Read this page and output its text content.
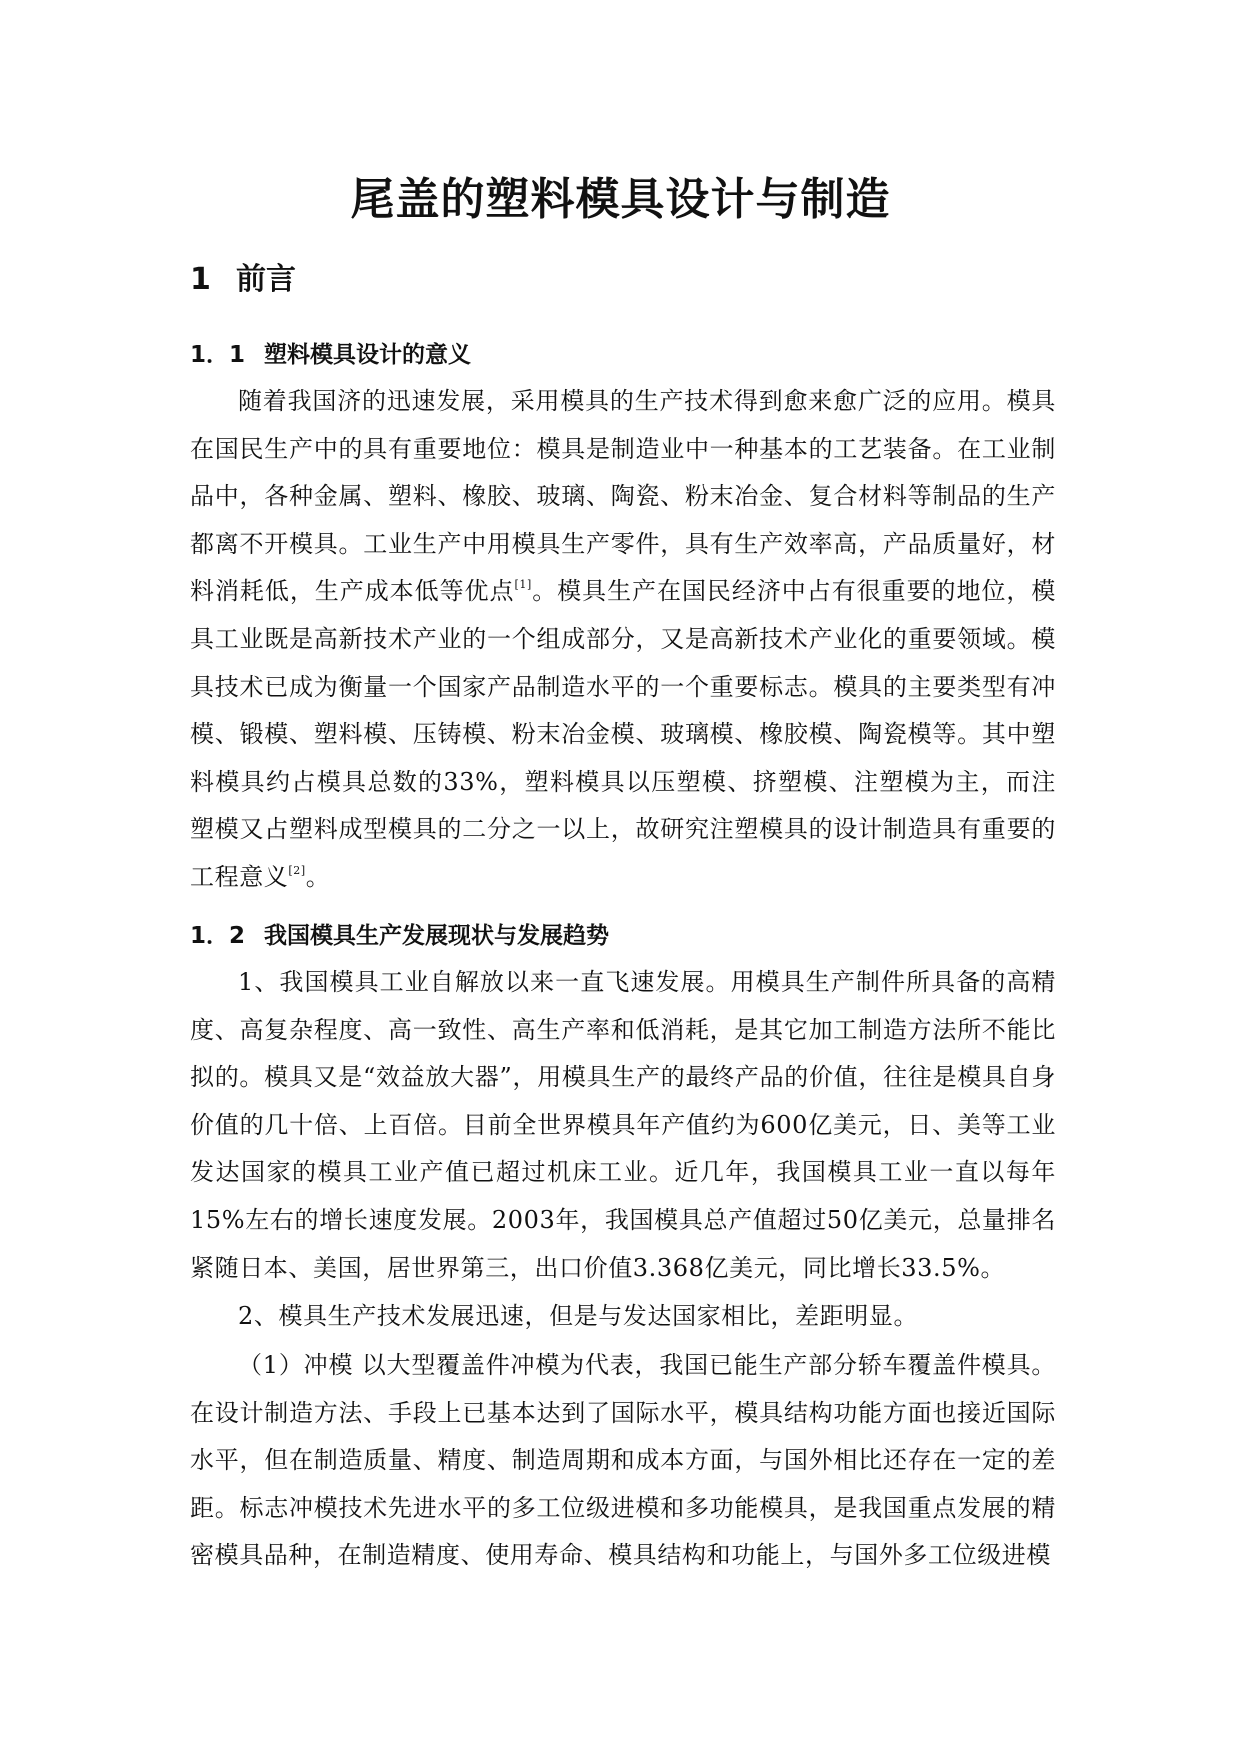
尾盖的塑料模具设计与制造
1 前言
1．1 塑料模具设计的意义

随着我国济的迅速发展，采用模具的生产技术得到愈来愈广泛的应用。模具在国民生产中的具有重要地位：模具是制造业中一种基本的工艺装备。在工业制品中，各种金属、塑料、橡胶、玻璃、陶瓷、粉末冶金、复合材料等制品的生产都离不开模具。工业生产中用模具生产零件，具有生产效率高，产品质量好，材料消耗低，生产成本低等优点[1]。模具生产在国民经济中占有很重要的地位，模具工业既是高新技术产业的一个组成部分，又是高新技术产业化的重要领域。模具技术已成为衡量一个国家产品制造水平的一个重要标志。模具的主要类型有冲模、锻模、塑料模、压铸模、粉末冶金模、玻璃模、橡胶模、陶瓷模等。其中塑料模具约占模具总数的33%，塑料模具以压塑模、挤塑模、注塑模为主，而注塑模又占塑料成型模具的二分之一以上，故研究注塑模具的设计制造具有重要的工程意义[2]。

1．2 我国模具生产发展现状与发展趋势

1、我国模具工业自解放以来一直飞速发展。用模具生产制件所具备的高精度、高复杂程度、高一致性、高生产率和低消耗，是其它加工制造方法所不能比拟的。模具又是“效益放大器”，用模具生产的最终产品的价值，往往是模具自身价值的几十倍、上百倍。目前全世界模具年产值约为600亿美元，日、美等工业发达国家的模具工业产值已超过机床工业。近几年，我国模具工业一直以每年15%左右的增长速度发展。2003年，我国模具总产值超过50亿美元，总量排名紧随日本、美国，居世界第三，出口价值3.368亿美元，同比增长33.5%。

2、模具生产技术发展迅速，但是与发达国家相比，差距明显。

（1）冲模 以大型覆盖件冲模为代表，我国已能生产部分轿车覆盖件模具。在设计制造方法、手段上已基本达到了国际水平，模具结构功能方面也接近国际水平，但在制造质量、精度、制造周期和成本方面，与国外相比还存在一定的差距。标志冲模技术先进水平的多工位级进模和多功能模具，是我国重点发展的精密模具品种，在制造精度、使用寿命、模具结构和功能上，与国外多工位级进模
